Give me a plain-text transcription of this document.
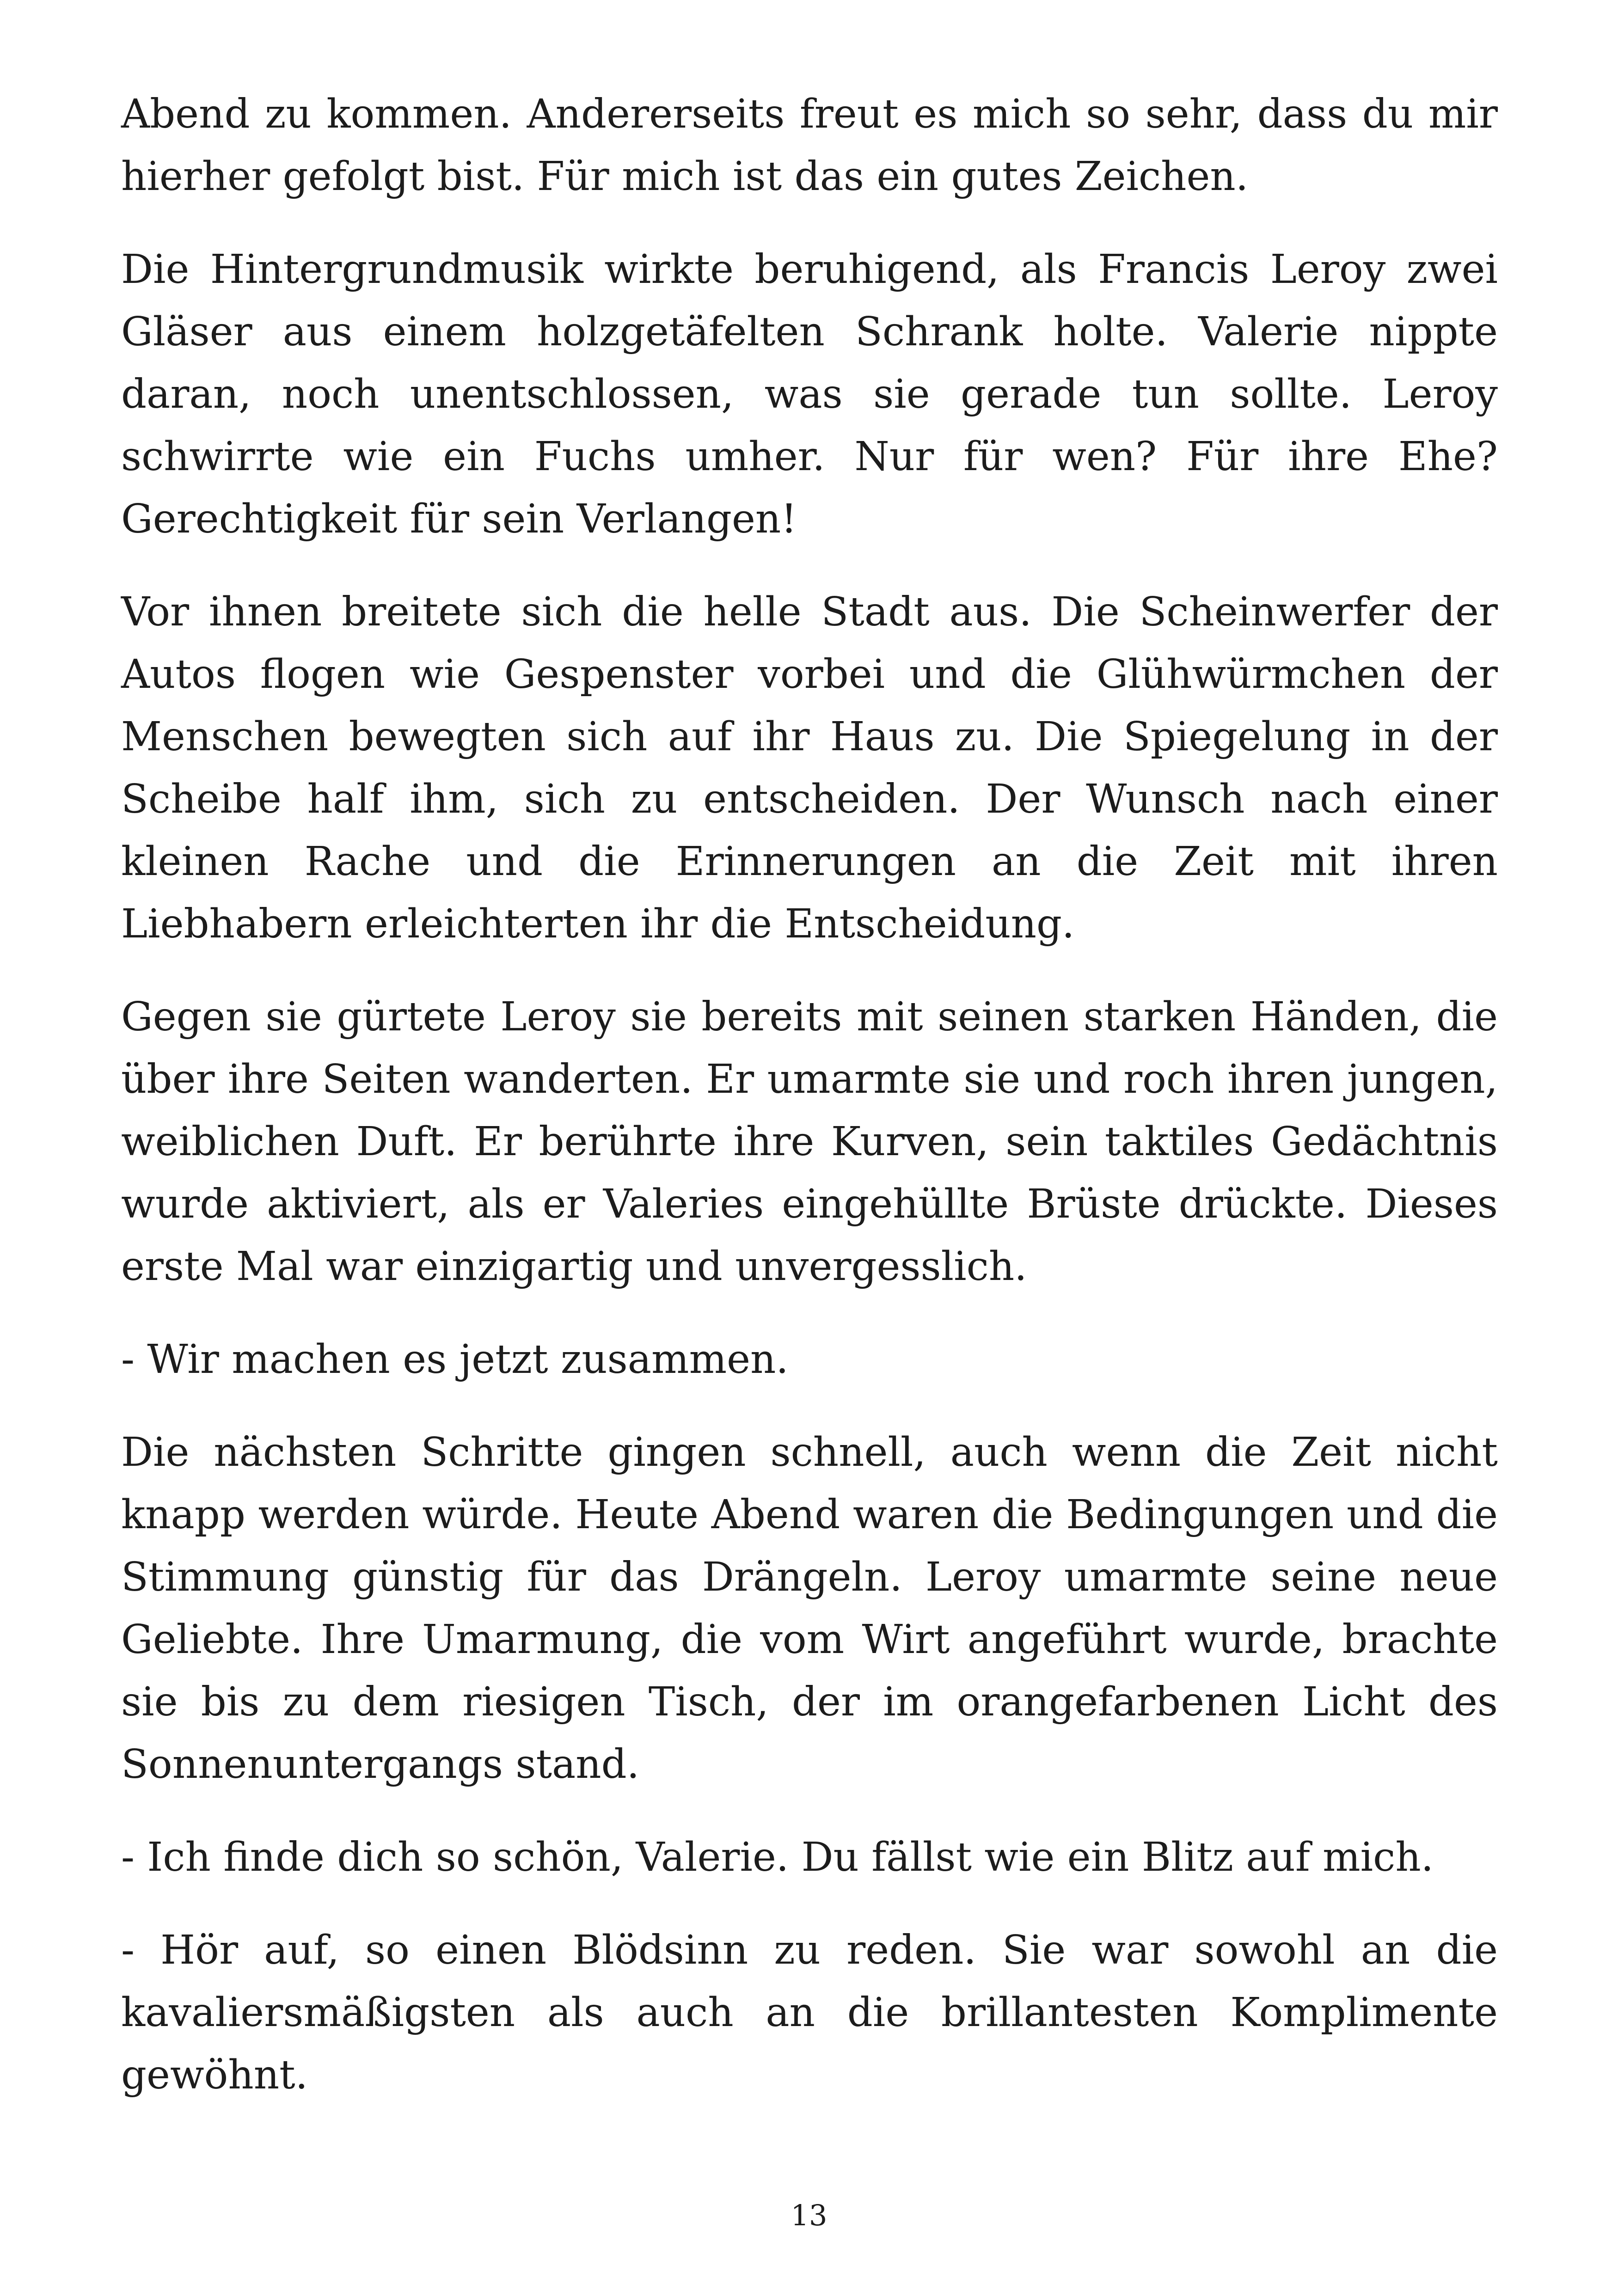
Abend zu kommen. Andererseits freut es mich so sehr, dass du mir hierher gefolgt bist. Für mich ist das ein gutes Zeichen.

Die Hintergrundmusik wirkte beruhigend, als Francis Leroy zwei Gläser aus einem holzgetäfelten Schrank holte. Valerie nippte daran, noch unentschlossen, was sie gerade tun sollte. Leroy schwirrte wie ein Fuchs umher. Nur für wen? Für ihre Ehe? Gerechtigkeit für sein Verlangen!

Vor ihnen breitete sich die helle Stadt aus. Die Scheinwerfer der Autos flogen wie Gespenster vorbei und die Glühwürmchen der Menschen bewegten sich auf ihr Haus zu. Die Spiegelung in der Scheibe half ihm, sich zu entscheiden. Der Wunsch nach einer kleinen Rache und die Erinnerungen an die Zeit mit ihren Liebhabern erleichterten ihr die Entscheidung.

Gegen sie gürtete Leroy sie bereits mit seinen starken Händen, die über ihre Seiten wanderten. Er umarmte sie und roch ihren jungen, weiblichen Duft. Er berührte ihre Kurven, sein taktiles Gedächtnis wurde aktiviert, als er Valeries eingehüllte Brüste drückte. Dieses erste Mal war einzigartig und unvergesslich.

- Wir machen es jetzt zusammen.

Die nächsten Schritte gingen schnell, auch wenn die Zeit nicht knapp werden würde. Heute Abend waren die Bedingungen und die Stimmung günstig für das Drängeln. Leroy umarmte seine neue Geliebte. Ihre Umarmung, die vom Wirt angeführt wurde, brachte sie bis zu dem riesigen Tisch, der im orangefarbenen Licht des Sonnenuntergangs stand.

- Ich finde dich so schön, Valerie. Du fällst wie ein Blitz auf mich.

- Hör auf, so einen Blödsinn zu reden. Sie war sowohl an die kavaliersmäßigsten als auch an die brillantesten Komplimente gewöhnt.

13
